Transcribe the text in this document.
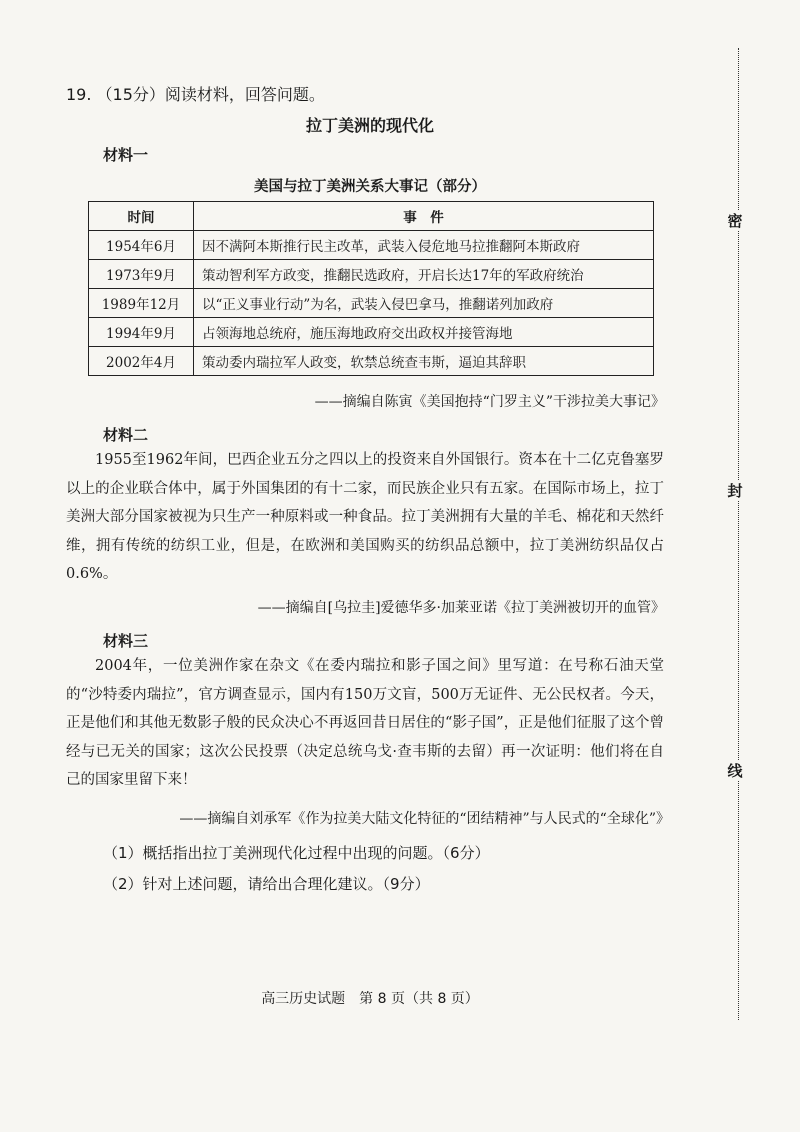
19. （15分）阅读材料，回答问题。
拉丁美洲的现代化
材料一
美国与拉丁美洲关系大事记（部分）
时间	事　件
1954年6月	因不满阿本斯推行民主改革，武装入侵危地马拉推翻阿本斯政府
1973年9月	策动智利军方政变，推翻民选政府，开启长达17年的军政府统治
1989年12月	以“正义事业行动”为名，武装入侵巴拿马，推翻诺列加政府
1994年9月	占领海地总统府，施压海地政府交出政权并接管海地
2002年4月	策动委内瑞拉军人政变，软禁总统查韦斯，逼迫其辞职
——摘编自陈寅《美国抱持“门罗主义”干涉拉美大事记》
材料二
1955至1962年间，巴西企业五分之四以上的投资来自外国银行。资本在十二亿克鲁塞罗以上的企业联合体中，属于外国集团的有十二家，而民族企业只有五家。在国际市场上，拉丁美洲大部分国家被视为只生产一种原料或一种食品。拉丁美洲拥有大量的羊毛、棉花和天然纤维，拥有传统的纺织工业，但是，在欧洲和美国购买的纺织品总额中，拉丁美洲纺织品仅占0.6%。
——摘编自[乌拉圭]爱德华多·加莱亚诺《拉丁美洲被切开的血管》
材料三
2004年，一位美洲作家在杂文《在委内瑞拉和影子国之间》里写道：在号称石油天堂的“沙特委内瑞拉”，官方调查显示，国内有150万文盲，500万无证件、无公民权者。今天，正是他们和其他无数影子般的民众决心不再返回昔日居住的“影子国”，正是他们征服了这个曾经与已无关的国家；这次公民投票（决定总统乌戈·查韦斯的去留）再一次证明：他们将在自己的国家里留下来！
——摘编自刘承军《作为拉美大陆文化特征的“团结精神”与人民式的“全球化”》
（1）概括指出拉丁美洲现代化过程中出现的问题。（6分）
（2）针对上述问题，请给出合理化建议。（9分）
高三历史试题　第 8 页（共 8 页）
密
封
线
